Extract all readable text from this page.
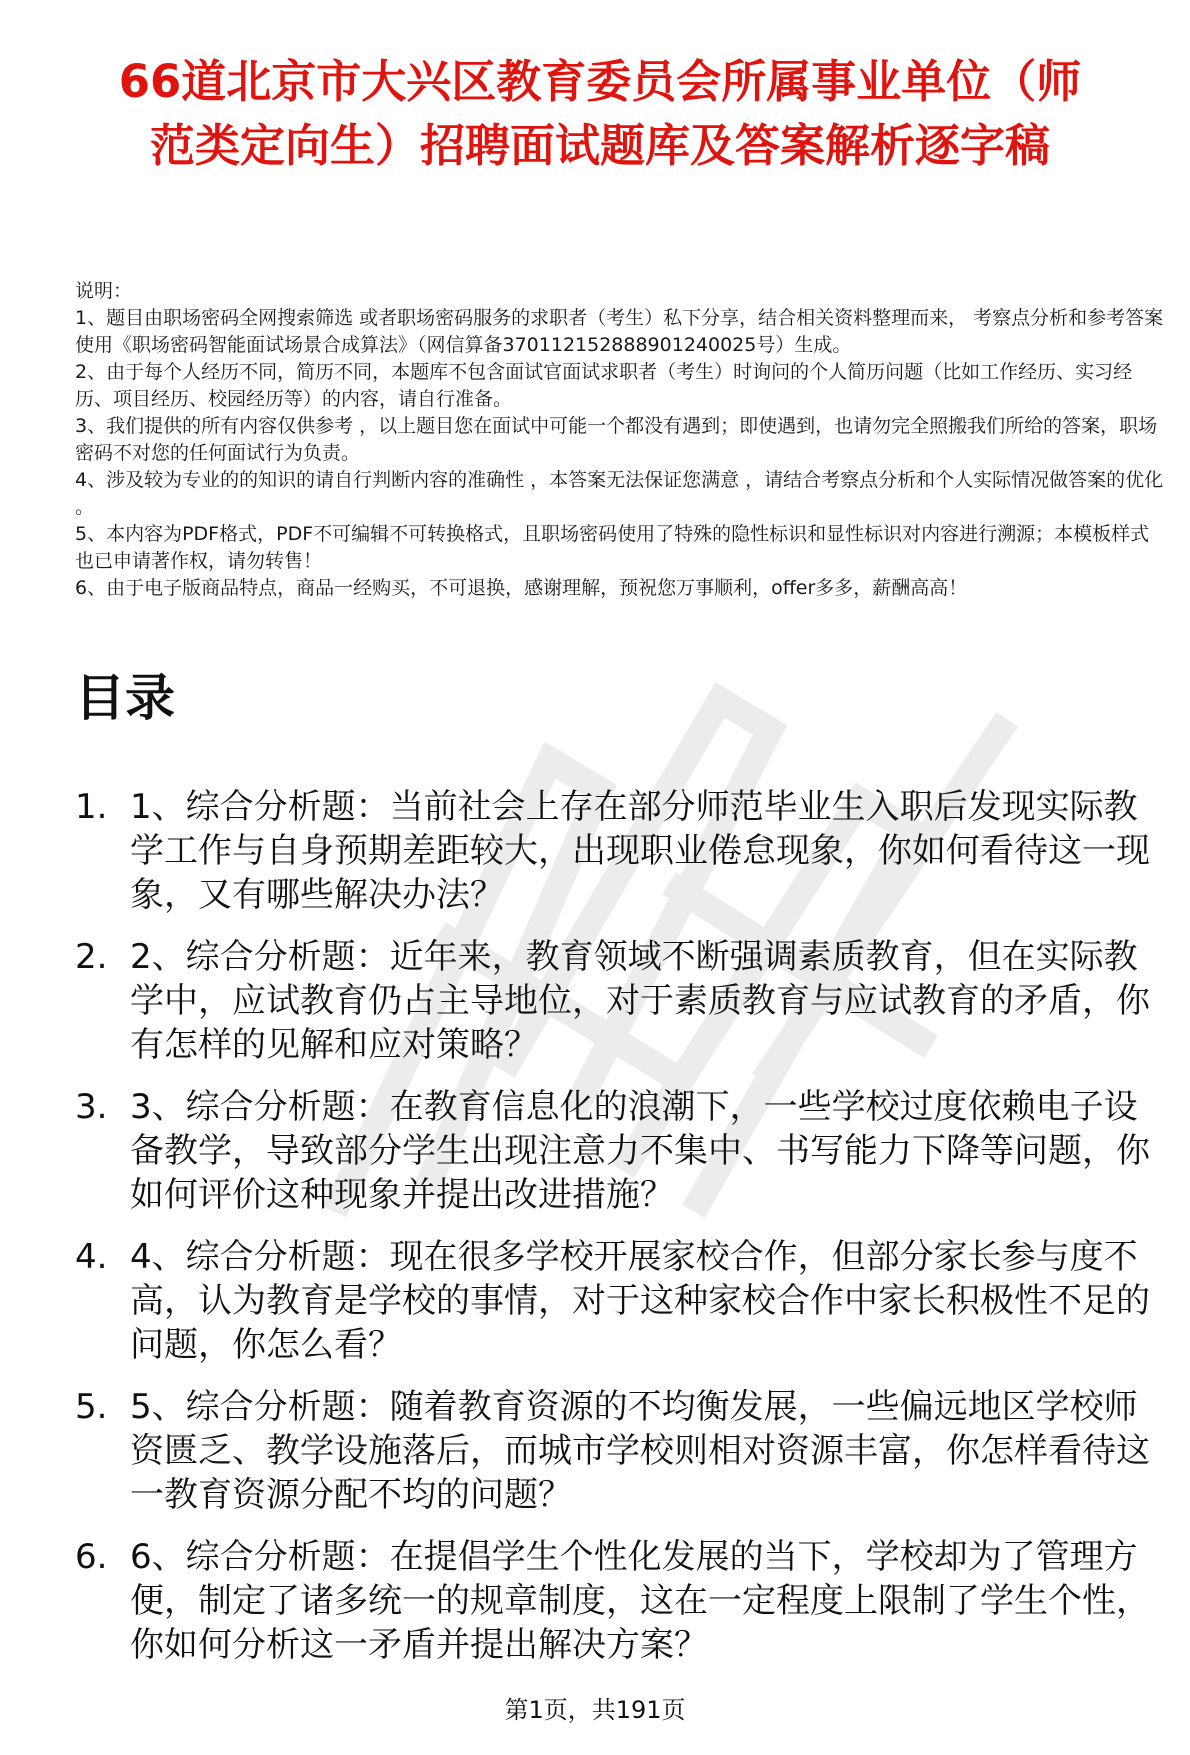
66道北京市大兴区教育委员会所属事业单位（师范类定向生）招聘面试题库及答案解析逐字稿

说明：

1、题目由职场密码全网搜索筛选 或者职场密码服务的求职者（考生）私下分享，结合相关资料整理而来， 考察点分析和参考答案使用《职场密码智能面试场景合成算法》（网信算备370112152888901240025号）生成。

2、由于每个人经历不同，简历不同，本题库不包含面试官面试求职者（考生）时询问的个人简历问题（比如工作经历、实习经历、项目经历、校园经历等）的内容，请自行准备。

3、我们提供的所有内容仅供参考 ，以上题目您在面试中可能一个都没有遇到；即使遇到，也请勿完全照搬我们所给的答案，职场密码不对您的任何面试行为负责。

4、涉及较为专业的的知识的请自行判断内容的准确性 ，本答案无法保证您满意 ，请结合考察点分析和个人实际情况做答案的优化 。

5、本内容为PDF格式，PDF不可编辑不可转换格式，且职场密码使用了特殊的隐性标识和显性标识对内容进行溯源；本模板样式也已申请著作权，请勿转售！

6、由于电子版商品特点，商品一经购买，不可退换，感谢理解，预祝您万事顺利，offer多多，薪酬高高！

目录
1. 1、综合分析题：当前社会上存在部分师范毕业生入职后发现实际教学工作与自身预期差距较大，出现职业倦怠现象，你如何看待这一现象，又有哪些解决办法？
2. 2、综合分析题：近年来，教育领域不断强调素质教育，但在实际教学中，应试教育仍占主导地位，对于素质教育与应试教育的矛盾，你有怎样的见解和应对策略？
3. 3、综合分析题：在教育信息化的浪潮下，一些学校过度依赖电子设备教学，导致部分学生出现注意力不集中、书写能力下降等问题，你如何评价这种现象并提出改进措施？
4. 4、综合分析题：现在很多学校开展家校合作，但部分家长参与度不高，认为教育是学校的事情，对于这种家校合作中家长积极性不足的问题，你怎么看？
5. 5、综合分析题：随着教育资源的不均衡发展，一些偏远地区学校师资匮乏、教学设施落后，而城市学校则相对资源丰富，你怎样看待这一教育资源分配不均的问题？
6. 6、综合分析题：在提倡学生个性化发展的当下，学校却为了管理方便，制定了诸多统一的规章制度，这在一定程度上限制了学生个性，你如何分析这一矛盾并提出解决方案？
第1页，共191页
